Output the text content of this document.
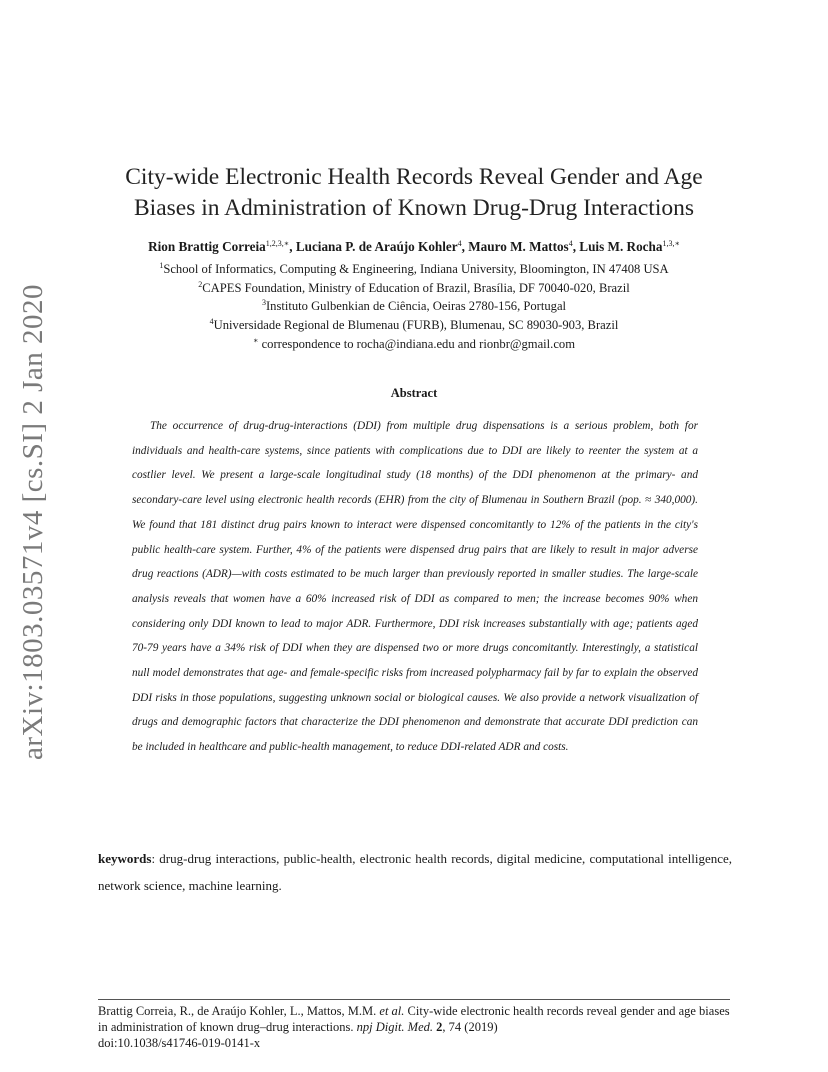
arXiv:1803.03571v4 [cs.SI] 2 Jan 2020
City-wide Electronic Health Records Reveal Gender and Age
Biases in Administration of Known Drug-Drug Interactions
Rion Brattig Correia$^{1,2,3,∗}$, Luciana P. de Araújo Kohler$^4$, Mauro M. Mattos$^4$, Luis M. Rocha$^{1,3,∗}$
$^1$School of Informatics, Computing & Engineering, Indiana University, Bloomington, IN 47408 USA
$^2$CAPES Foundation, Ministry of Education of Brazil, Brasília, DF 70040-020, Brazil
$^3$Instituto Gulbenkian de Ciência, Oeiras 2780-156, Portugal
$^4$Universidade Regional de Blumenau (FURB), Blumenau, SC 89030-903, Brazil
∗ correspondence to rocha@indiana.edu and rionbr@gmail.com
Abstract

The occurrence of drug-drug-interactions (DDI) from multiple drug dispensations is a serious problem, both for individuals and health-care systems, since patients with complications due to DDI are likely to reenter the system at a costlier level. We present a large-scale longitudinal study (18 months) of the DDI phenomenon at the primary- and secondary-care level using electronic health records (EHR) from the city of Blumenau in Southern Brazil (pop. ≈ 340,000). We found that 181 distinct drug pairs known to interact were dispensed concomitantly to 12% of the patients in the city's public health-care system. Further, 4% of the patients were dispensed drug pairs that are likely to result in major adverse drug reactions (ADR)—with costs estimated to be much larger than previously reported in smaller studies. The large-scale analysis reveals that women have a 60% increased risk of DDI as compared to men; the increase becomes 90% when considering only DDI known to lead to major ADR. Furthermore, DDI risk increases substantially with age; patients aged 70-79 years have a 34% risk of DDI when they are dispensed two or more drugs concomitantly. Interestingly, a statistical null model demonstrates that age- and female-specific risks from increased polypharmacy fail by far to explain the observed DDI risks in those populations, suggesting unknown social or biological causes. We also provide a network visualization of drugs and demographic factors that characterize the DDI phenomenon and demonstrate that accurate DDI prediction can be included in healthcare and public-health management, to reduce DDI-related ADR and costs.

keywords: drug-drug interactions, public-health, electronic health records, digital medicine, computational intelligence, network science, machine learning.

Brattig Correia, R., de Araújo Kohler, L., Mattos, M.M. et al. City-wide electronic health records reveal gender and age biases in administration of known drug–drug interactions. npj Digit. Med. 2, 74 (2019)
doi:10.1038/s41746-019-0141-x
